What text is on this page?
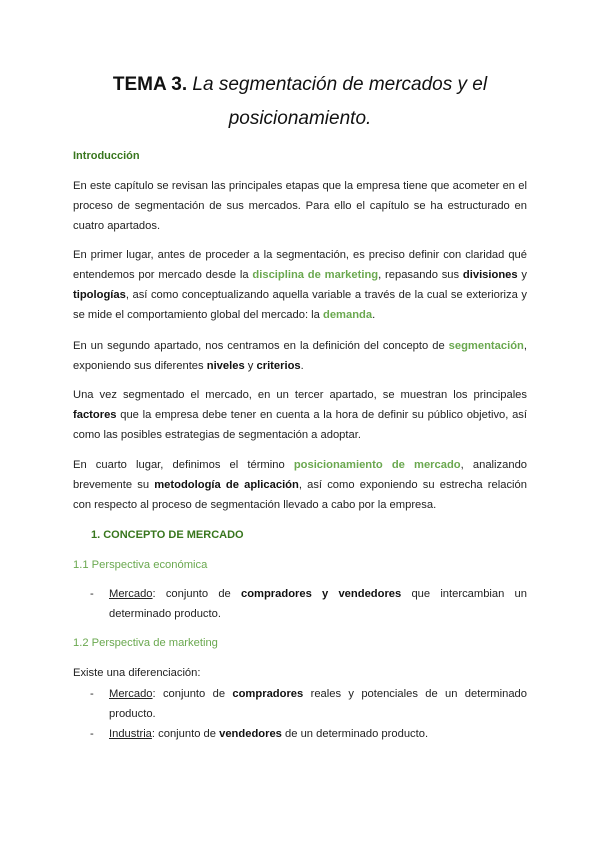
TEMA 3. La segmentación de mercados y el posicionamiento.
Introducción
En este capítulo se revisan las principales etapas que la empresa tiene que acometer en el proceso de segmentación de sus mercados. Para ello el capítulo se ha estructurado en cuatro apartados.
En primer lugar, antes de proceder a la segmentación, es preciso definir con claridad qué entendemos por mercado desde la disciplina de marketing, repasando sus divisiones y tipologías, así como conceptualizando aquella variable a través de la cual se exterioriza y se mide el comportamiento global del mercado: la demanda.
En un segundo apartado, nos centramos en la definición del concepto de segmentación, exponiendo sus diferentes niveles y criterios.
Una vez segmentado el mercado, en un tercer apartado, se muestran los principales factores que la empresa debe tener en cuenta a la hora de definir su público objetivo, así como las posibles estrategias de segmentación a adoptar.
En cuarto lugar, definimos el término posicionamiento de mercado, analizando brevemente su metodología de aplicación, así como exponiendo su estrecha relación con respecto al proceso de segmentación llevado a cabo por la empresa.
1. CONCEPTO DE MERCADO
1.1 Perspectiva económica
- Mercado: conjunto de compradores y vendedores que intercambian un determinado producto.
1.2 Perspectiva de marketing
Existe una diferenciación:
- Mercado: conjunto de compradores reales y potenciales de un determinado producto.
- Industria: conjunto de vendedores de un determinado producto.
